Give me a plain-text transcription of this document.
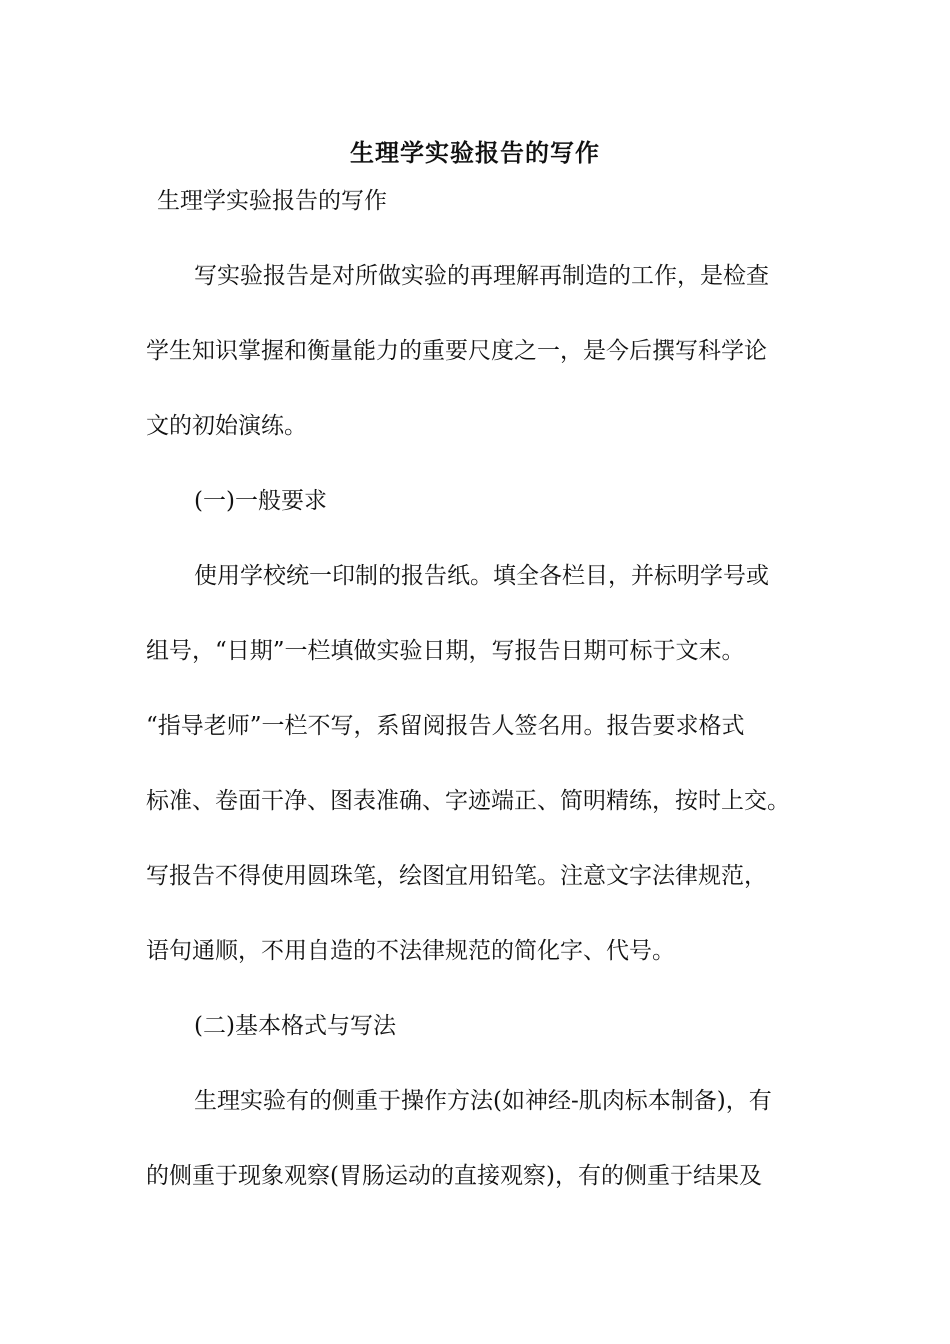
生理学实验报告的写作
生理学实验报告的写作
写实验报告是对所做实验的再理解再制造的工作，是检查
学生知识掌握和衡量能力的重要尺度之一，是今后撰写科学论
文的初始演练。
(一)一般要求
使用学校统一印制的报告纸。填全各栏目，并标明学号或
组号，“日期”一栏填做实验日期，写报告日期可标于文末。
“指导老师”一栏不写，系留阅报告人签名用。报告要求格式
标准、卷面干净、图表准确、字迹端正、简明精练，按时上交。
写报告不得使用圆珠笔，绘图宜用铅笔。注意文字法律规范，
语句通顺，不用自造的不法律规范的简化字、代号。
(二)基本格式与写法
生理实验有的侧重于操作方法(如神经-肌肉标本制备)，有
的侧重于现象观察(胃肠运动的直接观察)，有的侧重于结果及
